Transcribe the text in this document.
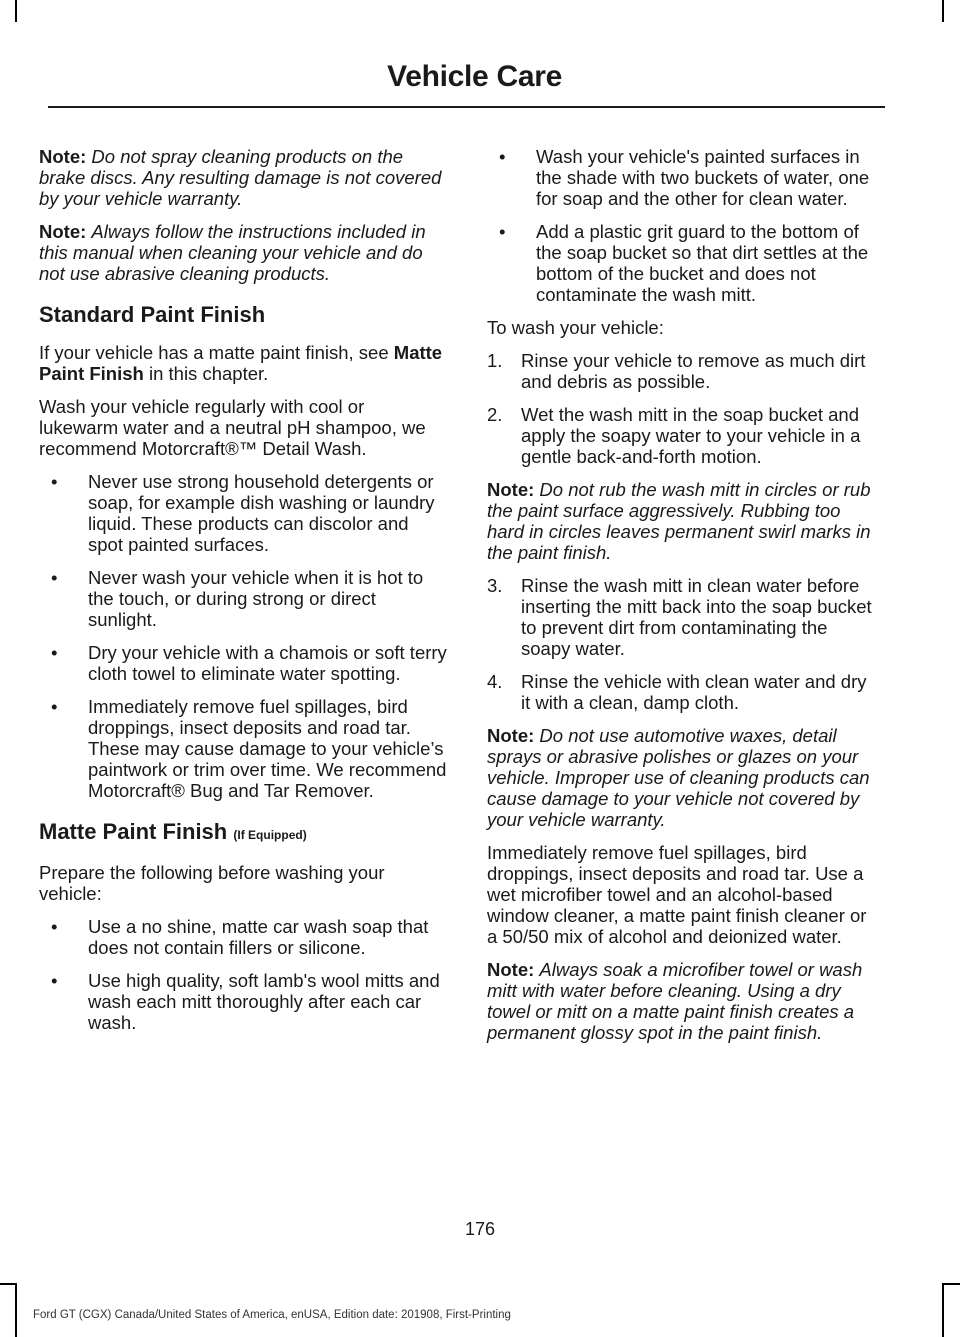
Vehicle Care

Note: Do not spray cleaning products on the brake discs. Any resulting damage is not covered by your vehicle warranty.

Note: Always follow the instructions included in this manual when cleaning your vehicle and do not use abrasive cleaning products.

Standard Paint Finish

If your vehicle has a matte paint finish, see Matte Paint Finish in this chapter.

Wash your vehicle regularly with cool or lukewarm water and a neutral pH shampoo, we recommend Motorcraft®™ Detail Wash.

• Never use strong household detergents or soap, for example dish washing or laundry liquid. These products can discolor and spot painted surfaces.
• Never wash your vehicle when it is hot to the touch, or during strong or direct sunlight.
• Dry your vehicle with a chamois or soft terry cloth towel to eliminate water spotting.
• Immediately remove fuel spillages, bird droppings, insect deposits and road tar. These may cause damage to your vehicle’s paintwork or trim over time. We recommend Motorcraft® Bug and Tar Remover.
Matte Paint Finish (If Equipped)

Prepare the following before washing your vehicle:

• Use a no shine, matte car wash soap that does not contain fillers or silicone.
• Use high quality, soft lamb's wool mitts and wash each mitt thoroughly after each car wash.
• Wash your vehicle's painted surfaces in the shade with two buckets of water, one for soap and the other for clean water.
• Add a plastic grit guard to the bottom of the soap bucket so that dirt settles at the bottom of the bucket and does not contaminate the wash mitt.

To wash your vehicle:

1. Rinse your vehicle to remove as much dirt and debris as possible.
2. Wet the wash mitt in the soap bucket and apply the soapy water to your vehicle in a gentle back-and-forth motion.

Note: Do not rub the wash mitt in circles or rub the paint surface aggressively. Rubbing too hard in circles leaves permanent swirl marks in the paint finish.

3. Rinse the wash mitt in clean water before inserting the mitt back into the soap bucket to prevent dirt from contaminating the soapy water.
4. Rinse the vehicle with clean water and dry it with a clean, damp cloth.

Note: Do not use automotive waxes, detail sprays or abrasive polishes or glazes on your vehicle. Improper use of cleaning products can cause damage to your vehicle not covered by your vehicle warranty.

Immediately remove fuel spillages, bird droppings, insect deposits and road tar. Use a wet microfiber towel and an alcohol-based window cleaner, a matte paint finish cleaner or a 50/50 mix of alcohol and deionized water.

Note: Always soak a microfiber towel or wash mitt with water before cleaning. Using a dry towel or mitt on a matte paint finish creates a permanent glossy spot in the paint finish.

176

Ford GT (CGX) Canada/United States of America, enUSA, Edition date: 201908, First-Printing
